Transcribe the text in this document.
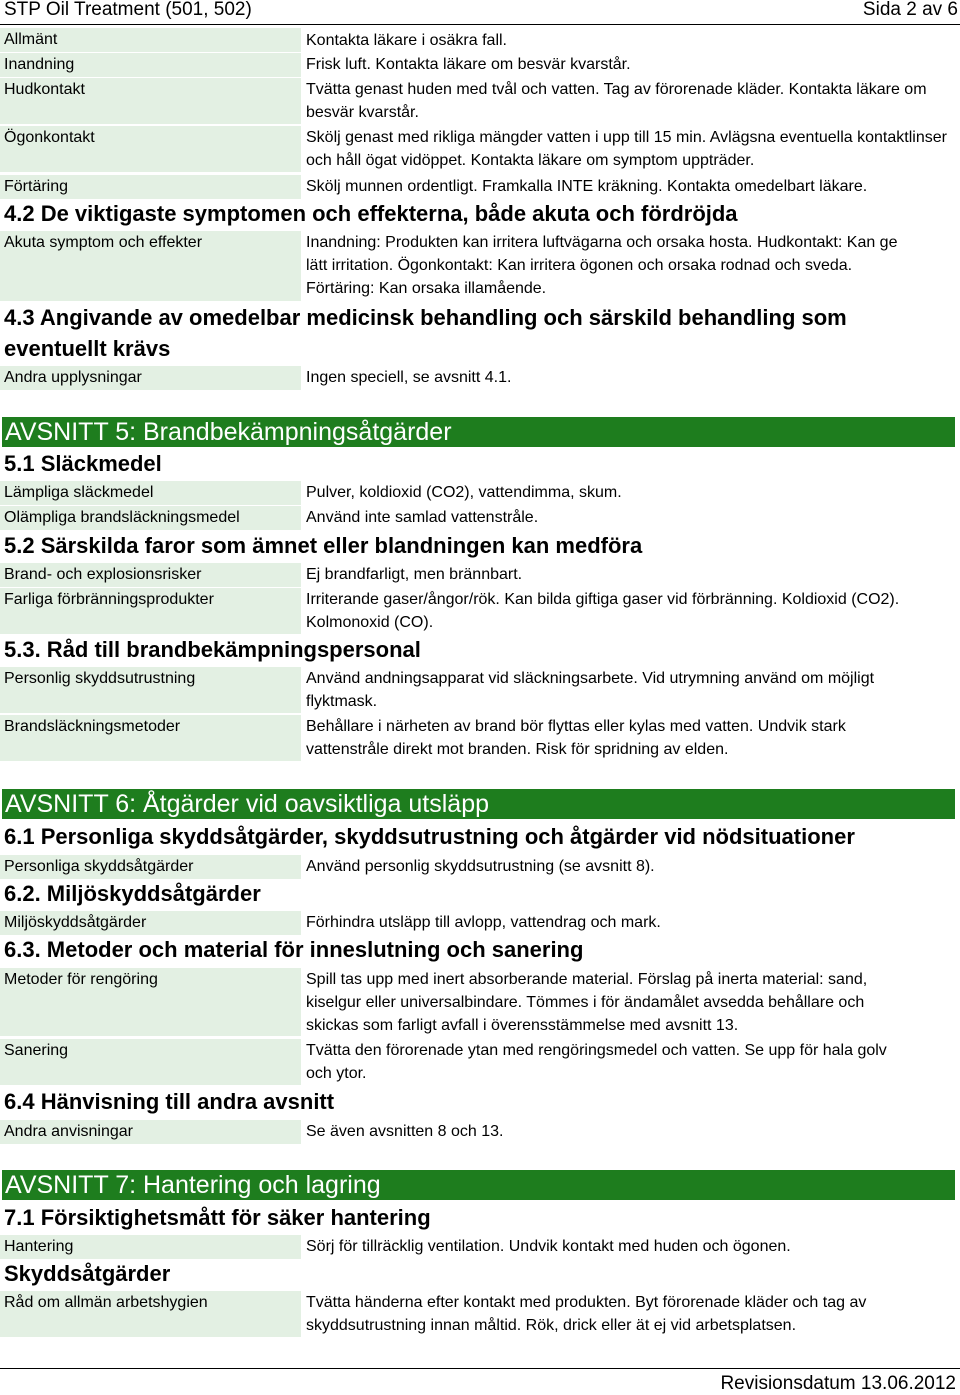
STP Oil Treatment (501, 502)	Sida 2 av 6
Allmänt	Kontakta läkare i osäkra fall.
Inandning	Frisk luft. Kontakta läkare om besvär kvarstår.
Hudkontakt	Tvätta genast huden med tvål och vatten. Tag av förorenade kläder. Kontakta läkare om besvär kvarstår.
Ögonkontakt	Skölj genast med rikliga mängder vatten i upp till 15 min. Avlägsna eventuella kontaktlinser och håll ögat vidöppet. Kontakta läkare om symptom uppträder.
Förtäring	Skölj munnen ordentligt. Framkalla INTE kräkning. Kontakta omedelbart läkare.
4.2 De viktigaste symptomen och effekterna, både akuta och fördröjda
Akuta symptom och effekter	Inandning: Produkten kan irritera luftvägarna och orsaka hosta. Hudkontakt: Kan ge lätt irritation. Ögonkontakt: Kan irritera ögonen och orsaka rodnad och sveda. Förtäring: Kan orsaka illamående.
4.3 Angivande av omedelbar medicinsk behandling och särskild behandling som eventuellt krävs
Andra upplysningar	Ingen speciell, se avsnitt 4.1.
AVSNITT 5: Brandbekämpningsåtgärder
5.1 Släckmedel
Lämpliga släckmedel	Pulver, koldioxid (CO2), vattendimma, skum.
Olämpliga brandsläckningsmedel	Använd inte samlad vattenstråle.
5.2 Särskilda faror som ämnet eller blandningen kan medföra
Brand- och explosionsrisker	Ej brandfarligt, men brännbart.
Farliga förbränningsprodukter	Irriterande gaser/ångor/rök. Kan bilda giftiga gaser vid förbränning. Koldioxid (CO2). Kolmonoxid (CO).
5.3. Råd till brandbekämpningspersonal
Personlig skyddsutrustning	Använd andningsapparat vid släckningsarbete. Vid utrymning använd om möjligt flyktmask.
Brandsläckningsmetoder	Behållare i närheten av brand bör flyttas eller kylas med vatten. Undvik stark vattenstråle direkt mot branden. Risk för spridning av elden.
AVSNITT 6: Åtgärder vid oavsiktliga utsläpp
6.1 Personliga skyddsåtgärder, skyddsutrustning och åtgärder vid nödsituationer
Personliga skyddsåtgärder	Använd personlig skyddsutrustning (se avsnitt 8).
6.2. Miljöskyddsåtgärder
Miljöskyddsåtgärder	Förhindra utsläpp till avlopp, vattendrag och mark.
6.3. Metoder och material för inneslutning och sanering
Metoder för rengöring	Spill tas upp med inert absorberande material. Förslag på inerta material: sand, kiselgur eller universalbindare. Tömmes i för ändamålet avsedda behållare och skickas som farligt avfall i överensstämmelse med avsnitt 13.
Sanering	Tvätta den förorenade ytan med rengöringsmedel och vatten. Se upp för hala golv och ytor.
6.4 Hänvisning till andra avsnitt
Andra anvisningar	Se även avsnitten 8 och 13.
AVSNITT 7: Hantering och lagring
7.1 Försiktighetsmått för säker hantering
Hantering	Sörj för tillräcklig ventilation. Undvik kontakt med huden och ögonen.
Skyddsåtgärder
Råd om allmän arbetshygien	Tvätta händerna efter kontakt med produkten. Byt förorenade kläder och tag av skyddsutrustning innan måltid. Rök, drick eller ät ej vid arbetsplatsen.
Revisionsdatum 13.06.2012
